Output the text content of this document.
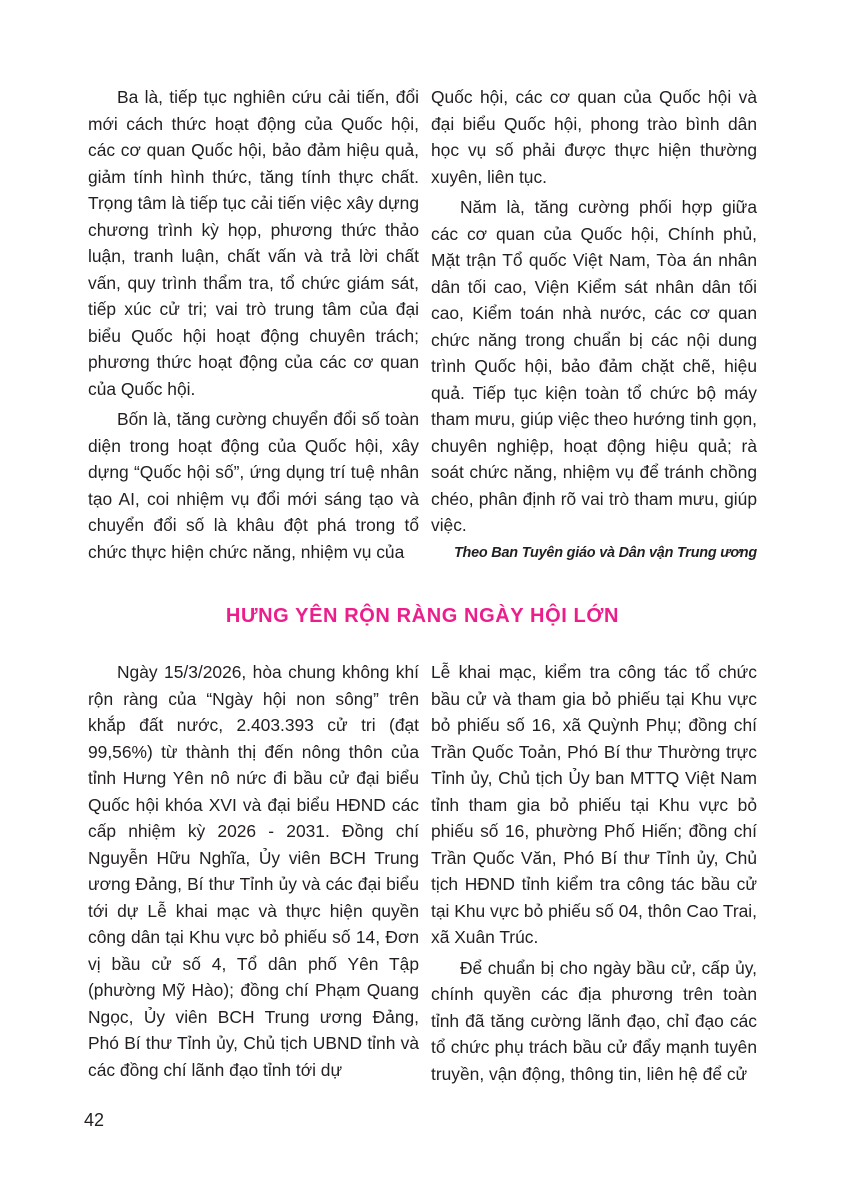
Ba là, tiếp tục nghiên cứu cải tiến, đổi mới cách thức hoạt động của Quốc hội, các cơ quan Quốc hội, bảo đảm hiệu quả, giảm tính hình thức, tăng tính thực chất. Trọng tâm là tiếp tục cải tiến việc xây dựng chương trình kỳ họp, phương thức thảo luận, tranh luận, chất vấn và trả lời chất vấn, quy trình thẩm tra, tổ chức giám sát, tiếp xúc cử tri; vai trò trung tâm của đại biểu Quốc hội hoạt động chuyên trách; phương thức hoạt động của các cơ quan của Quốc hội.

Bốn là, tăng cường chuyển đổi số toàn diện trong hoạt động của Quốc hội, xây dựng “Quốc hội số”, ứng dụng trí tuệ nhân tạo AI, coi nhiệm vụ đổi mới sáng tạo và chuyển đổi số là khâu đột phá trong tổ chức thực hiện chức năng, nhiệm vụ của

Quốc hội, các cơ quan của Quốc hội và đại biểu Quốc hội, phong trào bình dân học vụ số phải được thực hiện thường xuyên, liên tục.

Năm là, tăng cường phối hợp giữa các cơ quan của Quốc hội, Chính phủ, Mặt trận Tổ quốc Việt Nam, Tòa án nhân dân tối cao, Viện Kiểm sát nhân dân tối cao, Kiểm toán nhà nước, các cơ quan chức năng trong chuẩn bị các nội dung trình Quốc hội, bảo đảm chặt chẽ, hiệu quả. Tiếp tục kiện toàn tổ chức bộ máy tham mưu, giúp việc theo hướng tinh gọn, chuyên nghiệp, hoạt động hiệu quả; rà soát chức năng, nhiệm vụ để tránh chồng chéo, phân định rõ vai trò tham mưu, giúp việc.

Theo Ban Tuyên giáo và Dân vận Trung ương
HƯNG YÊN RỘN RÀNG NGÀY HỘI LỚN

Ngày 15/3/2026, hòa chung không khí rộn ràng của “Ngày hội non sông” trên khắp đất nước, 2.403.393 cử tri (đạt 99,56%) từ thành thị đến nông thôn của tỉnh Hưng Yên nô nức đi bầu cử đại biểu Quốc hội khóa XVI và đại biểu HĐND các cấp nhiệm kỳ 2026 - 2031. Đồng chí Nguyễn Hữu Nghĩa, Ủy viên BCH Trung ương Đảng, Bí thư Tỉnh ủy và các đại biểu tới dự Lễ khai mạc và thực hiện quyền công dân tại Khu vực bỏ phiếu số 14, Đơn vị bầu cử số 4, Tổ dân phố Yên Tập (phường Mỹ Hào); đồng chí Phạm Quang Ngọc, Ủy viên BCH Trung ương Đảng, Phó Bí thư Tỉnh ủy, Chủ tịch UBND tỉnh và các đồng chí lãnh đạo tỉnh tới dự

Lễ khai mạc, kiểm tra công tác tổ chức bầu cử và tham gia bỏ phiếu tại Khu vực bỏ phiếu số 16, xã Quỳnh Phụ; đồng chí Trần Quốc Toản, Phó Bí thư Thường trực Tỉnh ủy, Chủ tịch Ủy ban MTTQ Việt Nam tỉnh tham gia bỏ phiếu tại Khu vực bỏ phiếu số 16, phường Phố Hiến; đồng chí Trần Quốc Văn, Phó Bí thư Tỉnh ủy, Chủ tịch HĐND tỉnh kiểm tra công tác bầu cử tại Khu vực bỏ phiếu số 04, thôn Cao Trai, xã Xuân Trúc.

Để chuẩn bị cho ngày bầu cử, cấp ủy, chính quyền các địa phương trên toàn tỉnh đã tăng cường lãnh đạo, chỉ đạo các tổ chức phụ trách bầu cử đẩy mạnh tuyên truyền, vận động, thông tin, liên hệ để cử

42
